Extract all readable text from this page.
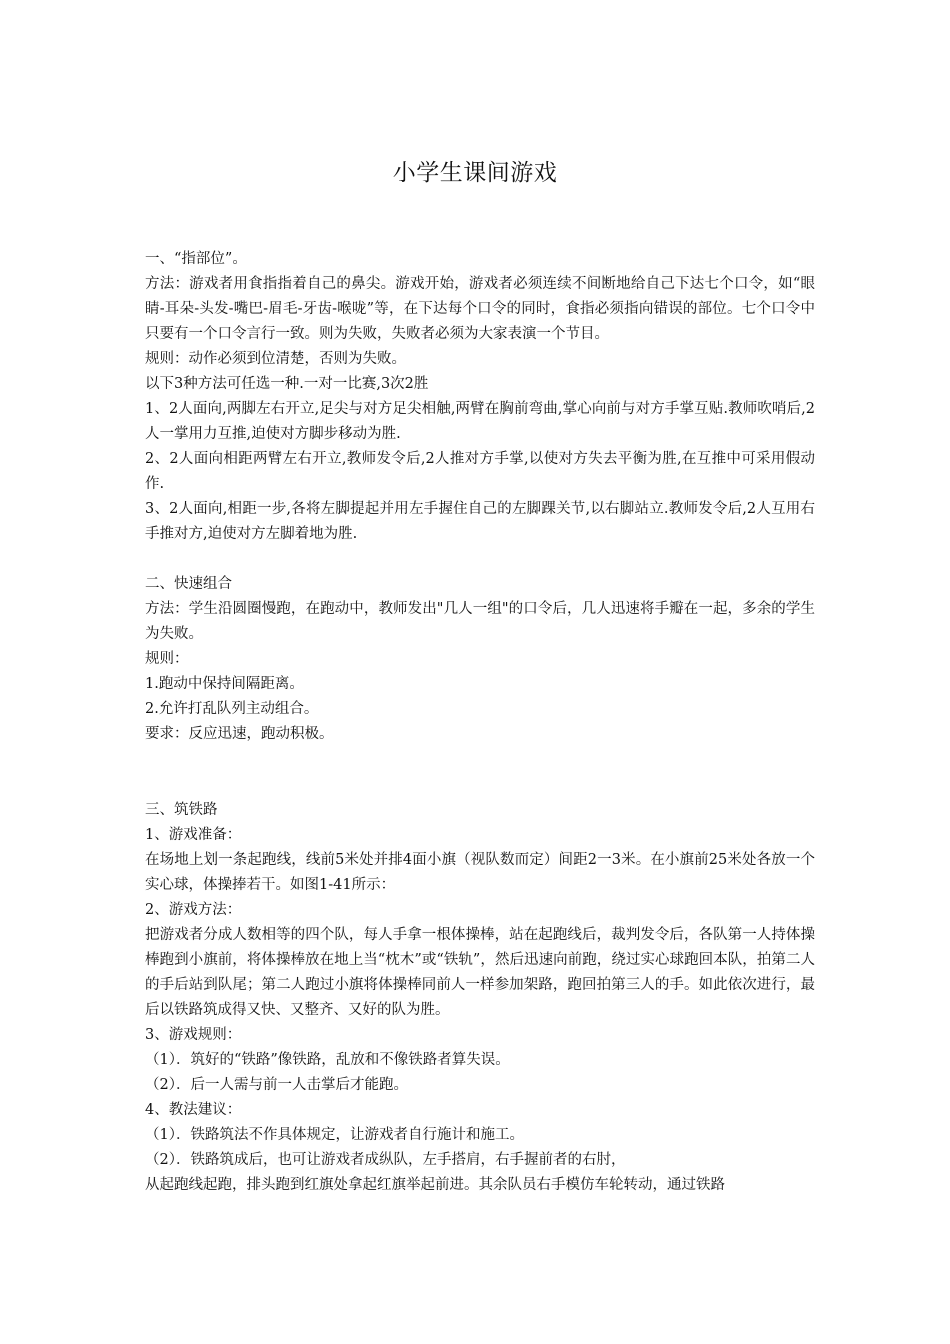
小学生课间游戏

一、“指部位”。

方法：游戏者用食指指着自己的鼻尖。游戏开始，游戏者必须连续不间断地给自己下达七个口令，如“眼睛-耳朵-头发-嘴巴-眉毛-牙齿-喉咙”等，在下达每个口令的同时，食指必须指向错误的部位。七个口令中只要有一个口令言行一致。则为失败，失败者必须为大家表演一个节目。

规则：动作必须到位清楚，否则为失败。

以下3种方法可任选一种.一对一比赛,3次2胜

1、2人面向,两脚左右开立,足尖与对方足尖相触,两臂在胸前弯曲,掌心向前与对方手掌互贴.教师吹哨后,2人一掌用力互推,迫使对方脚步移动为胜.

2、2人面向相距两臂左右开立,教师发令后,2人推对方手掌,以使对方失去平衡为胜,在互推中可采用假动作.

3、2人面向,相距一步,各将左脚提起并用左手握住自己的左脚踝关节,以右脚站立.教师发令后,2人互用右手推对方,迫使对方左脚着地为胜.

二、快速组合

方法：学生沿圆圈慢跑，在跑动中，教师发出"几人一组"的口令后，几人迅速将手瓣在一起，多余的学生为失败。

规则：

1.跑动中保持间隔距离。

2.允许打乱队列主动组合。

要求：反应迅速，跑动积极。

三、筑铁路

1、游戏准备：

在场地上划一条起跑线，线前5米处并排4面小旗（视队数而定）间距2一3米。在小旗前25米处各放一个实心球，体操捧若干。如图1-41所示：

2、游戏方法：

把游戏者分成人数相等的四个队，每人手拿一根体操棒，站在起跑线后，裁判发令后，各队第一人持体操棒跑到小旗前，将体操棒放在地上当“枕木”或“铁轨”，然后迅速向前跑，绕过实心球跑回本队，拍第二人的手后站到队尾；第二人跑过小旗将体操棒同前人一样参加架路，跑回拍第三人的手。如此依次进行，最后以铁路筑成得又快、又整齐、又好的队为胜。

3、游戏规则：

（1）．筑好的“铁路”像铁路，乱放和不像铁路者算失误。

（2）．后一人需与前一人击掌后才能跑。

4、教法建议：

（1）．铁路筑法不作具体规定，让游戏者自行施计和施工。

（2）．铁路筑成后，也可让游戏者成纵队，左手搭肩，右手握前者的右肘，

从起跑线起跑，排头跑到红旗处拿起红旗举起前进。其余队员右手模仿车轮转动，通过铁路
